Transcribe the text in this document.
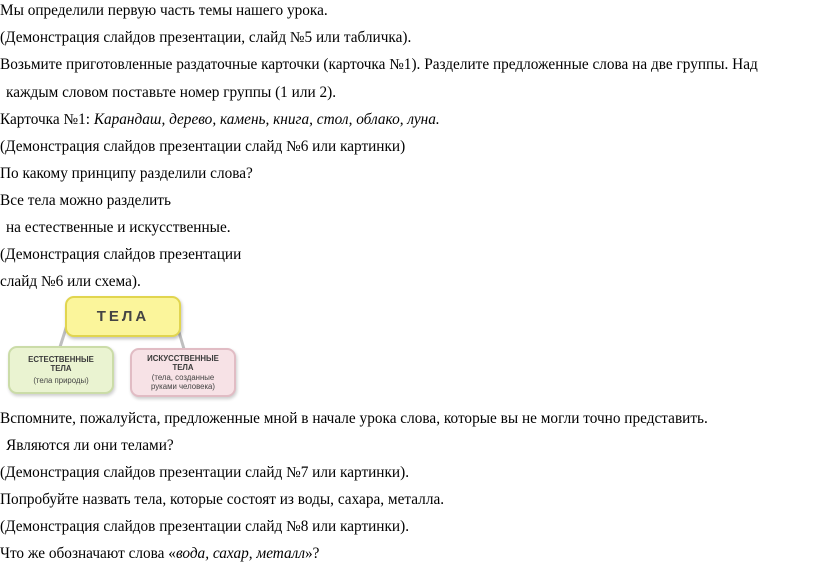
Мы определили первую часть темы нашего урока.
(Демонстрация слайдов презентации, слайд №5 или табличка).
Возьмите приготовленные раздаточные карточки (карточка №1). Разделите предложенные слова на две группы. Над
каждым словом поставьте номер группы (1 или 2).
Карточка №1: Карандаш, дерево, камень, книга, стол, облако, луна.
(Демонстрация слайдов презентации слайд №6 или картинки)
По какому принципу разделили слова?
Все тела можно разделить
на естественные и искусственные.
(Демонстрация слайдов презентации
слайд №6 или схема).
Вспомните, пожалуйста, предложенные мной в начале урока слова, которые вы не могли точно представить.
Являются ли они телами?
(Демонстрация слайдов презентации слайд №7 или картинки).
Попробуйте назвать тела, которые состоят из воды, сахара, металла.
(Демонстрация слайдов презентации слайд №8 или картинки).
Что же обозначают слова «вода, сахар, металл»?
ТЕЛА
ЕСТЕСТВЕННЫЕ
ТЕЛА
(тела природы)
ИСКУССТВЕННЫЕ
ТЕЛА
(тела, созданные
руками человека)
